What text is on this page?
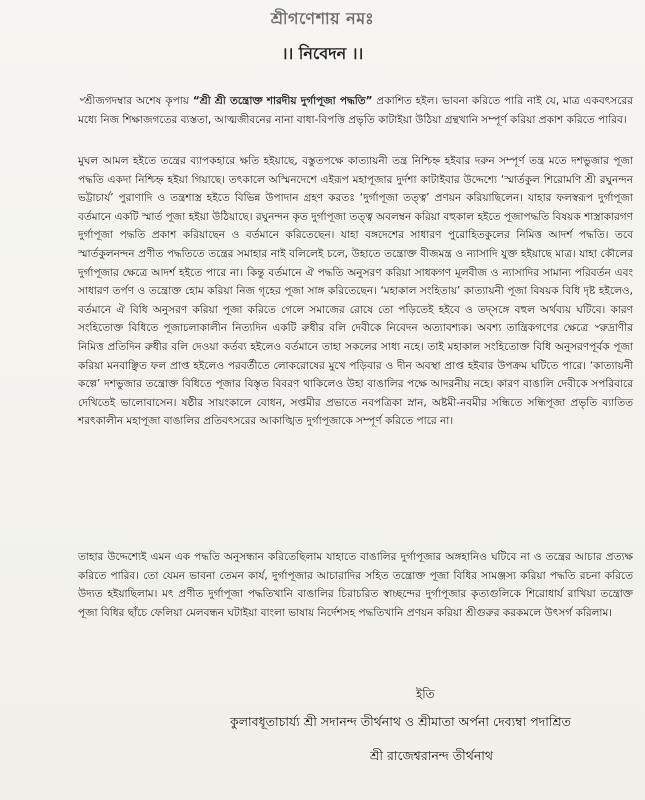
শ্রীগণেশায় নমঃ
।। নিবেদন ।।

৺শ্রীজগদম্বার অশেষ কৃপায় “শ্রী শ্রী তন্ত্রোক্ত শারদীয় দুর্গাপূজা পদ্ধতি” প্রকাশিত হইল। ভাবনা করিতে পারি নাই যে, মাত্র একবৎসরের মধ্যে নিজ শিক্ষাজগতের ব্যস্ততা, আত্মজীবনের নানা বাধা-বিপত্তি প্রভৃতি কাটাইয়া উঠিয়া গ্রন্থখানি সম্পূর্ণ করিয়া প্রকাশ করিতে পারিব।

মুঘল আমল হইতে তন্ত্রের ব্যাপকহারে ক্ষতি হইয়াছে, বস্তুতপক্ষে কাত্যায়নী তন্ত্র নিশ্চিহ্ন হইবার দরুন সম্পূর্ণ তন্ত্র মতে দশভুজার পূজা পদ্ধতি একদা নিশ্চিহ্ন হইয়া গিয়াছে। তৎকালে অস্মিনদেশে এইরূপ মহাপূজার দুর্দশা কাটাইবার উদ্দেশ্যে ‘স্মার্তকুল শিরোমণি শ্রী রঘুনন্দন ভট্টাচার্য’ পুরাণাদি ও তন্ত্রশাস্ত্র হইতে বিভিন্ন উপাদান গ্রহণ করতঃ ‘দুর্গাপূজা তত্ত্ব’ প্রণয়ন করিয়াছিলেন। যাহার ফলস্বরূপ দুর্গাপূজা বর্তমানে একটি স্মার্ত পূজা হইয়া উঠিয়াছে। রঘুনন্দন কৃত দুর্গাপূজা তত্ত্ব অবলম্বন করিয়া বহুকাল হইতে পূজাপদ্ধতি বিষয়ক শাস্ত্রাকারগণ দুর্গাপূজা পদ্ধতি প্রকাশ করিয়াছেন ও বর্তমানে করিতেছেন। যাহা বঙ্গদেশের সাধারণ পুরোহিতকুলের নিমিত্ত আদর্শ পদ্ধতি। তবে স্মার্তকুলনন্দন প্রণীত পদ্ধতিতে তন্ত্রের সমাহার নাই বলিলেই চলে, উহাতে তন্ত্রোক্ত বীজমন্ত্র ও ন্যাসাদি যুক্ত হইয়াছে মাত্র। যাহা কৌলের দুর্গাপূজার ক্ষেত্রে আদর্শ হইতে পারে না। কিন্তু বর্তমানে ঐ পদ্ধতি অনুসরণ করিয়া সাধকগণ মূলবীজ ও ন্যাসাদির সামান্য পরিবর্তন এবং সাধারণ তর্পণ ও তন্ত্রোক্ত হোম করিয়া নিজ গৃহের পূজা সাঙ্গ করিতেছেন। ‘মহাকাল সংহিতায়’ কাত্যায়নী পূজা বিষয়ক বিধি দৃষ্ট হইলেও, বর্তমানে ঐ বিধি অনুসরণ করিয়া পূজা করিতে গেলে সমাজের রোষে তো পড়িতেই হইবে ও তদ্‌সঙ্গে বহুল অর্থব্যয় ঘটিবে। কারণ সংহিতোক্ত বিধিতে পূজাচলাকালীন নিত্যদিন একটি রুধীর বলি দেবীকে নিবেদন অত্যাবশ্যক। অবশ্য তান্ত্রিকগণের ক্ষেত্রে ৺রুদ্রাণীর নিমিত্ত প্রতিদিন রুধীর বলি দেওয়া কর্তব্য হইলেও বর্তমানে তাহা সকলের সাধ্য নহে। তাই মহাকাল সংহিতোক্ত বিধি অনুসরণপূর্বক পূজা করিয়া মনবাঞ্ছিত ফল প্রাপ্ত হইলেও পরবর্তীতে লোকরোষের মুখে পড়িবার ও দীন অবস্থা প্রাপ্ত হইবার উপক্রম ঘটিতে পারে। ‘কাত্যায়নী কল্পে’ দশভুজার তন্ত্রোক্ত বিধিতে পূজার বিস্তৃত বিবরণ থাকিলেও উহা বাঙালির পক্ষে আদরনীয় নহে। কারণ বাঙালি দেবীকে সপরিবারে দেখিতেই ভালোবাসেন। ষষ্ঠীর সায়ংকালে বোধন, সপ্তমীর প্রভাতে নবপত্রিকা স্নান, অষ্টমী-নবমীর সন্ধিতে সন্ধিপূজা প্রভৃতি ব্যাতিত শরৎকালীন মহাপূজা বাঙালির প্রতিবৎসরের আকাঙ্খিত দুর্গাপূজাকে সম্পূর্ণ করিতে পারে না।

তাহার উদ্দেশ্যেই এমন এক পদ্ধতি অনুসন্ধান করিতেছিলাম যাহাতে বাঙালির দুর্গাপূজার অঙ্গহানিও ঘটিবে না ও তন্ত্রের আচার প্রত্যক্ষ করিতে পারিব। তো যেমন ভাবনা তেমন কার্য, দুর্গাপূজার আচারাদির সহিত তন্ত্রোক্ত পূজা বিধির সামঞ্জস্য করিয়া পদ্ধতি রচনা করিতে উদ্যত হইয়াছিলাম। মৎ প্রণীত দুর্গাপূজা পদ্ধতিখানি বাঙালির চিরাচরিত স্বাচ্ছন্দের দুর্গাপূজার কৃত্যগুলিকে শিরোধার্য রাখিয়া তন্ত্রোক্ত পূজা বিধির ছাঁচে ফেলিয়া মেলবন্ধন ঘটাইয়া বাংলা ভাষায় নির্দেশসহ পদ্ধতিখানি প্রণয়ন করিয়া শ্রীগুরুর করকমলে উৎসর্গ করিলাম।

ইতি
কুলাবধূতাচার্য্য শ্রী সদানন্দ তীর্থনাথ ও শ্রীমাতা অর্পনা দেব্যম্বা পদাশ্রিত
শ্রী রাজেশ্বরানন্দ তীর্থনাথ
